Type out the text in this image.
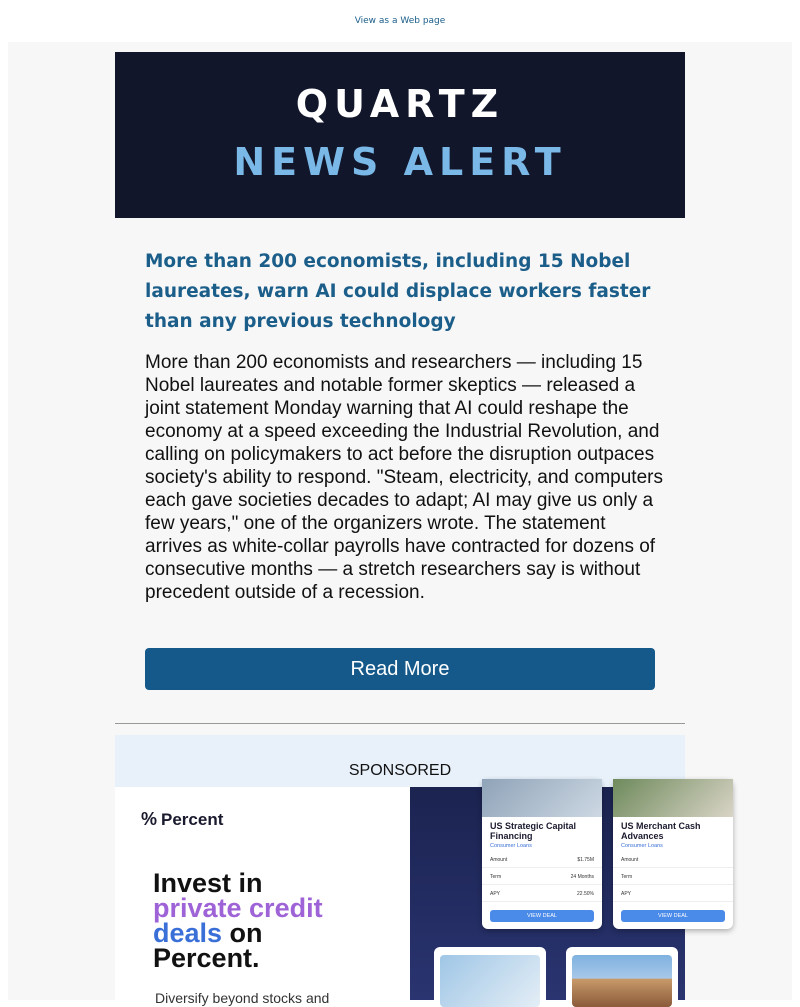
View as a Web page
QUARTZ
NEWS ALERT
More than 200 economists, including 15 Nobel laureates, warn AI could displace workers faster than any previous technology
More than 200 economists and researchers — including 15 Nobel laureates and notable former skeptics — released a joint statement Monday warning that AI could reshape the economy at a speed exceeding the Industrial Revolution, and calling on policymakers to act before the disruption outpaces society's ability to respond. "Steam, electricity, and computers each gave societies decades to adapt; AI may give us only a few years," one of the organizers wrote. The statement arrives as white-collar payrolls have contracted for dozens of consecutive months — a stretch researchers say is without precedent outside of a recession.
Read More
SPONSORED
% Percent
Invest in
private credit
deals on
Percent.
Diversify beyond stocks and
US Strategic Capital Financing
Consumer Loans
Amount	$1.75M
Term	24 Months
APY	22.50%
VIEW DEAL
US Merchant Cash Advances
Consumer Loans
Amount
Term
APY
VIEW DEAL
